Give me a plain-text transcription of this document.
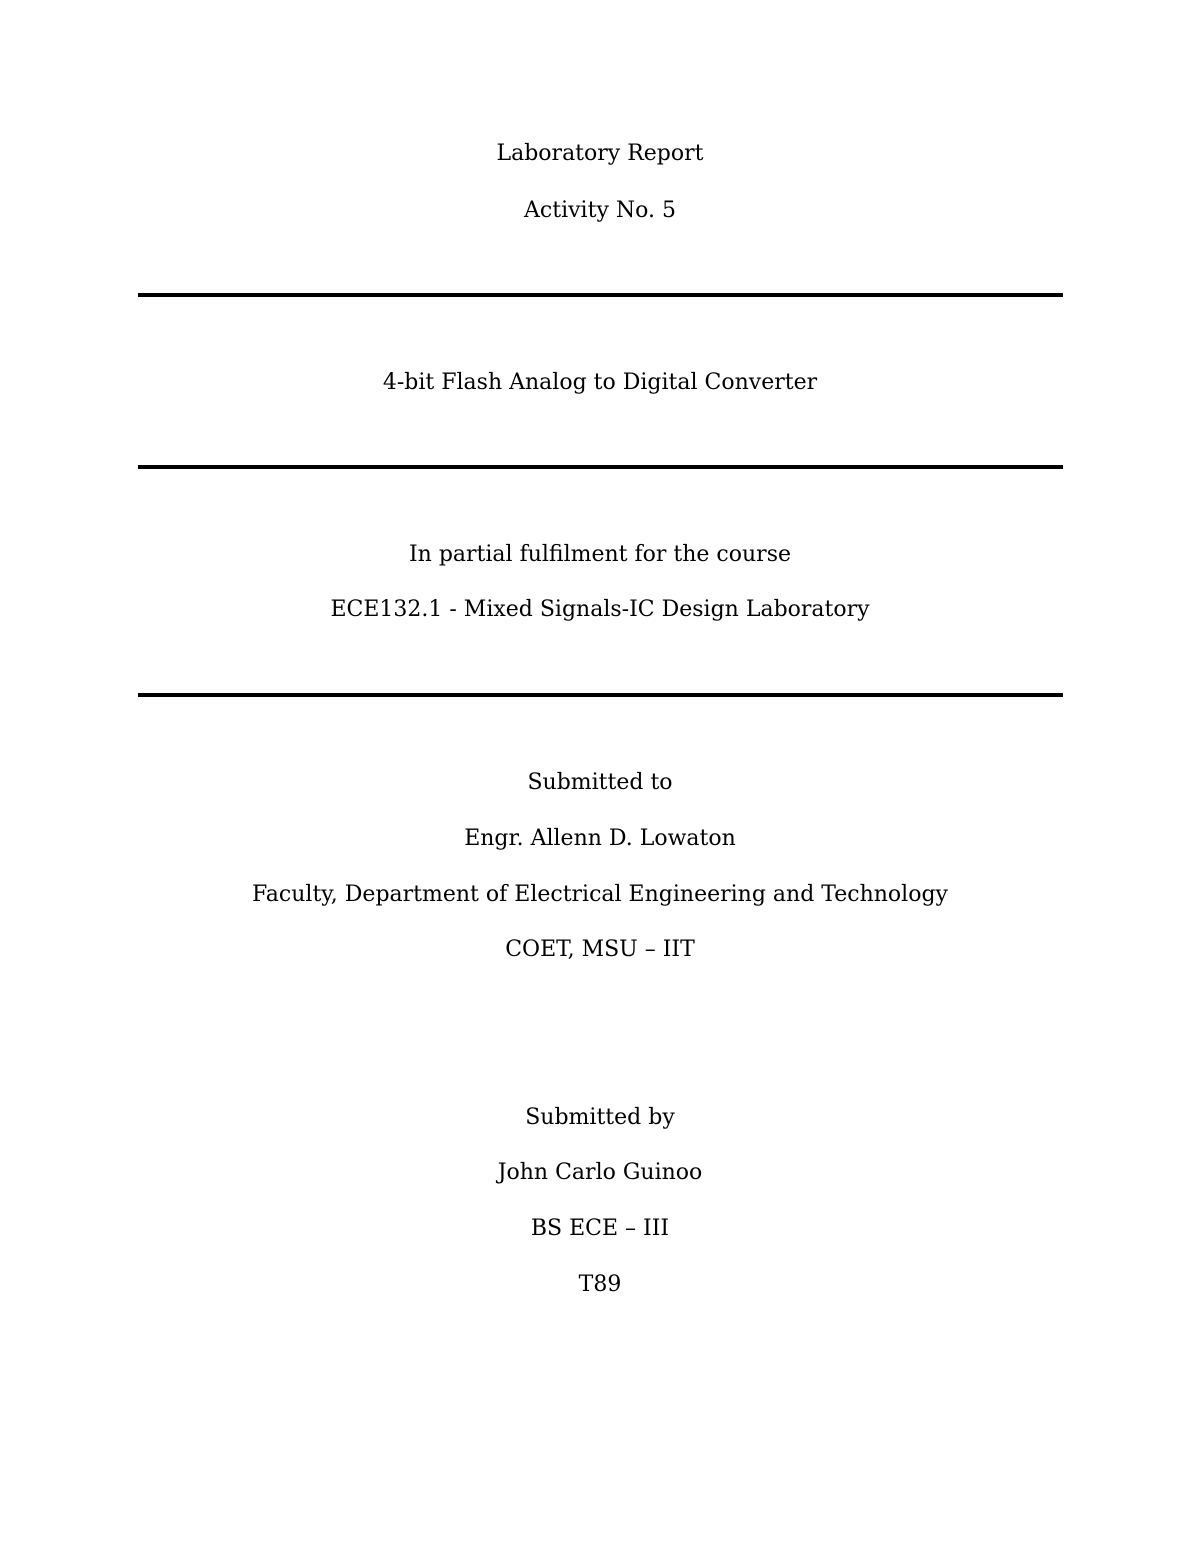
Laboratory Report
Activity No. 5
4-bit Flash Analog to Digital Converter
In partial fulfilment for the course
ECE132.1 - Mixed Signals-IC Design Laboratory
Submitted to
Engr. Allenn D. Lowaton
Faculty, Department of Electrical Engineering and Technology
COET, MSU – IIT
Submitted by
John Carlo Guinoo
BS ECE – III
T89
